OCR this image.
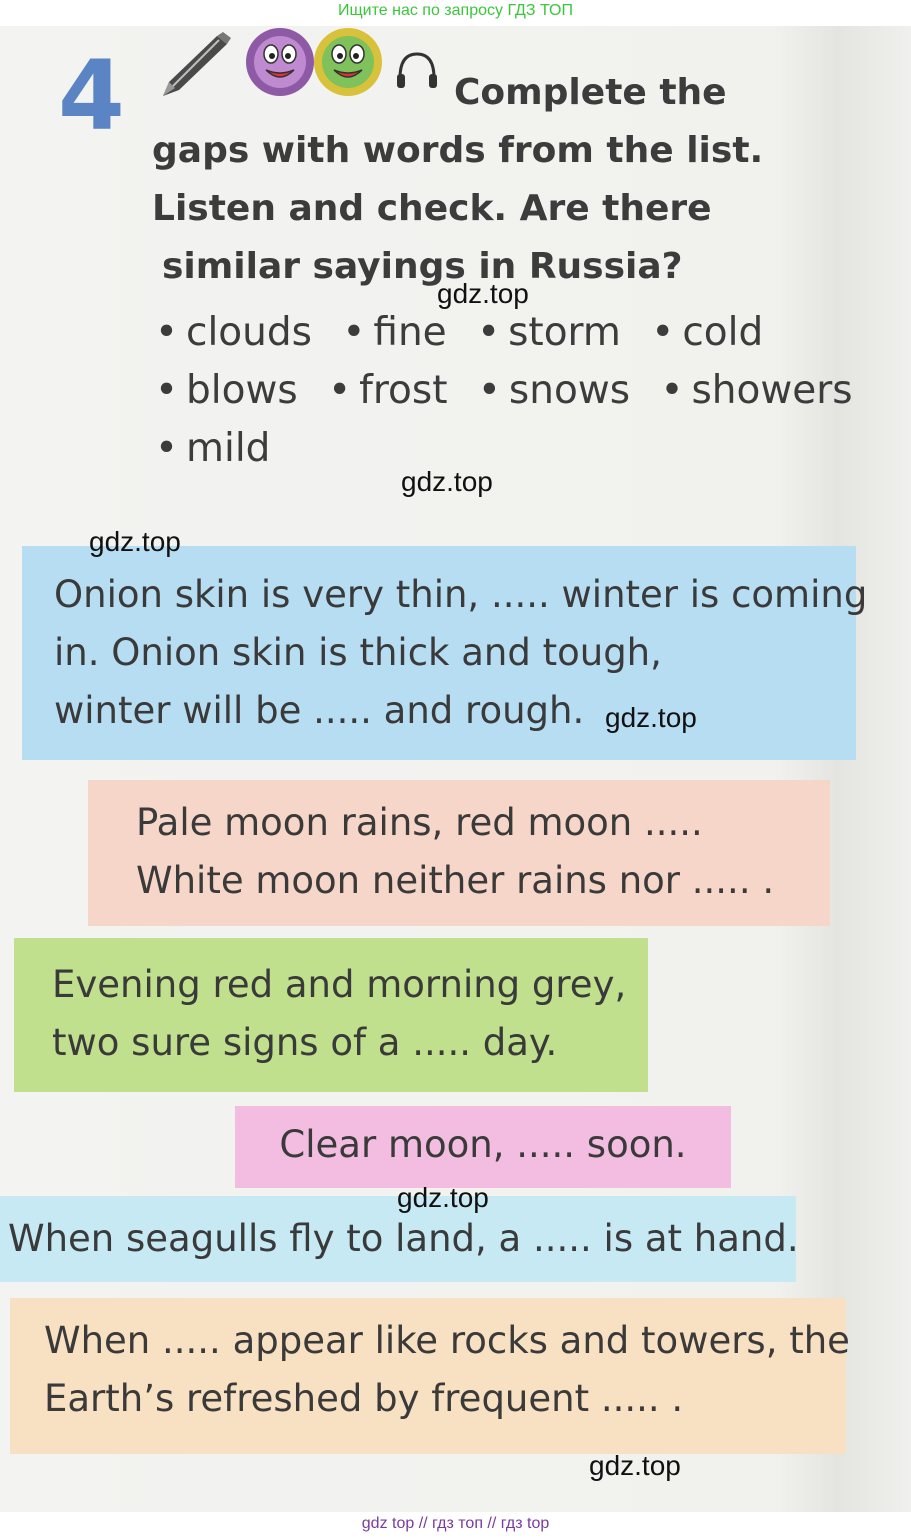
Ищите нас по запросу ГДЗ ТОП
4	Complete the
gaps with words from the list.
Listen and check. Are there
similar sayings in Russia?
• clouds • fine • storm • cold
• blows • frost • snows • showers
• mild
Onion skin is very thin, ..... winter is coming
in. Onion skin is thick and tough,
winter will be ..... and rough.
Pale moon rains, red moon .....
White moon neither rains nor ..... .
Evening red and morning grey,
two sure signs of a ..... day.
Clear moon, ..... soon.
When seagulls fly to land, a ..... is at hand.
When ..... appear like rocks and towers, the
Earth’s refreshed by frequent ..... .
gdz.top
gdz.top
gdz.top
gdz.top
gdz.top
gdz.top
gdz top // гдз топ // гдз top
